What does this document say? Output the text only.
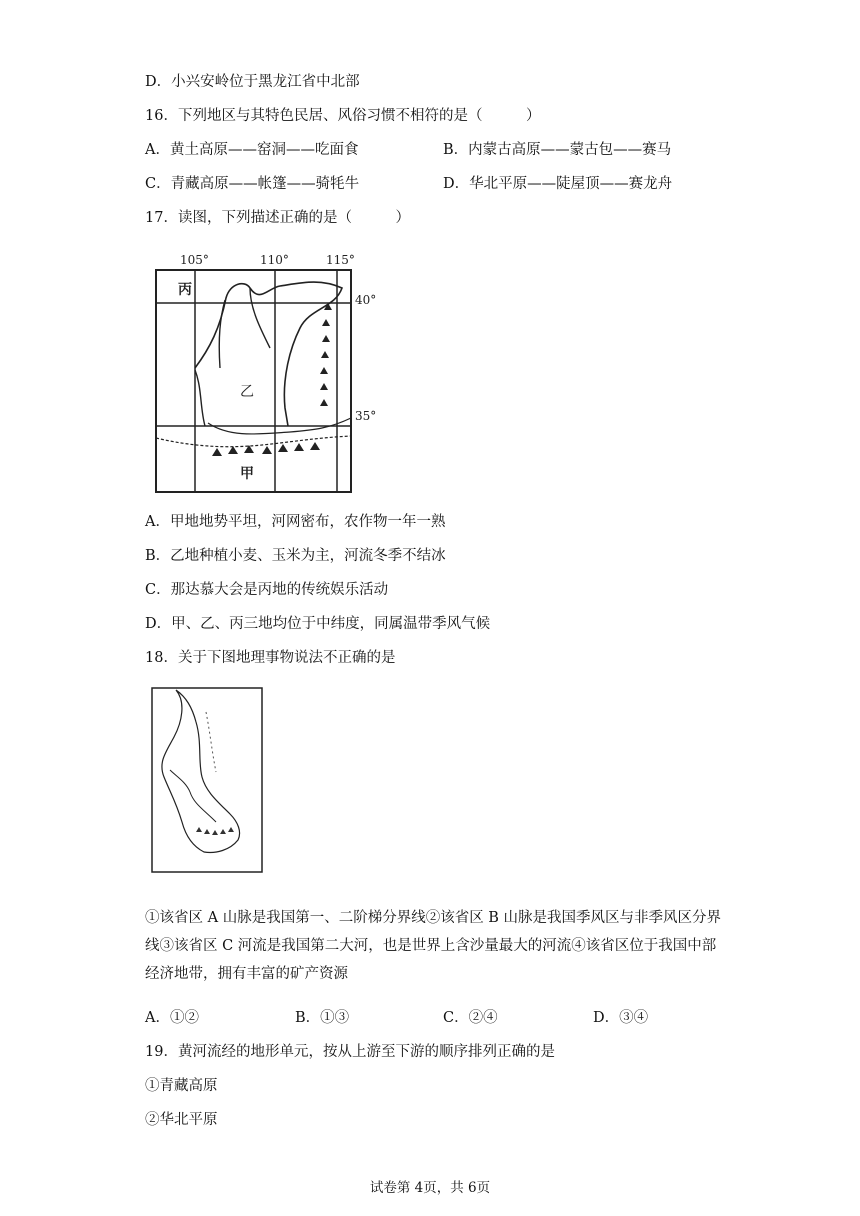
D．小兴安岭位于黑龙江省中北部
16．下列地区与其特色民居、风俗习惯不相符的是（　　　）
A．黄土高原——窑洞——吃面食	B．内蒙古高原——蒙古包——赛马
C．青藏高原——帐篷——骑牦牛	D．华北平原——陡屋顶——赛龙舟
17．读图，下列描述正确的是（　　　）
105°	110°	115°
40°
35°
丙
乙
甲
A．甲地地势平坦，河网密布，农作物一年一熟
B．乙地种植小麦、玉米为主，河流冬季不结冰
C．那达慕大会是丙地的传统娱乐活动
D．甲、乙、丙三地均位于中纬度，同属温带季风气候
18．关于下图地理事物说法不正确的是
①该省区 A 山脉是我国第一、二阶梯分界线②该省区 B 山脉是我国季风区与非季风区分界线③该省区 C 河流是我国第二大河，也是世界上含沙量最大的河流④该省区位于我国中部经济地带，拥有丰富的矿产资源
A．①②	B．①③	C．②④	D．③④
19．黄河流经的地形单元，按从上游至下游的顺序排列正确的是
①青藏高原
②华北平原
试卷第 4页，共 6页
